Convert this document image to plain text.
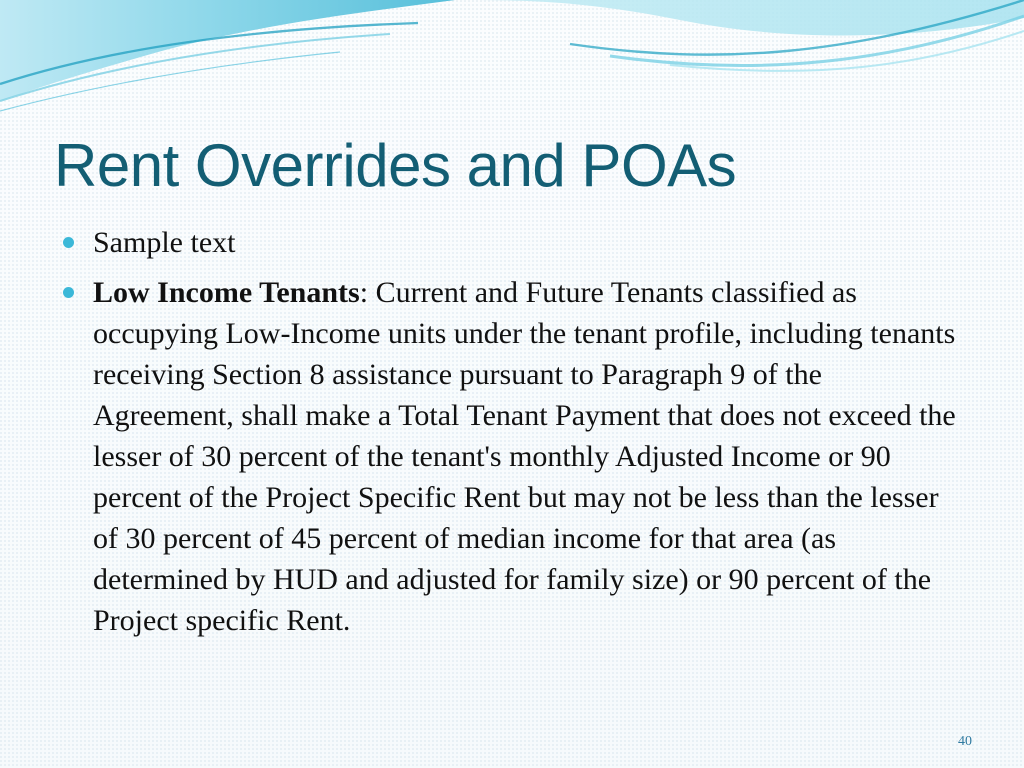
Rent Overrides and POAs
Sample text
Low Income Tenants: Current and Future Tenants classified as occupying Low-Income units under the tenant profile, including tenants receiving Section 8 assistance pursuant to Paragraph 9 of the Agreement, shall make a Total Tenant Payment that does not exceed the lesser of 30 percent of the tenant's monthly Adjusted Income or 90 percent of the Project Specific Rent but may not be less than the lesser of 30 percent of 45 percent of median income for that area (as determined by HUD and adjusted for family size) or 90 percent of the Project specific Rent.
40
